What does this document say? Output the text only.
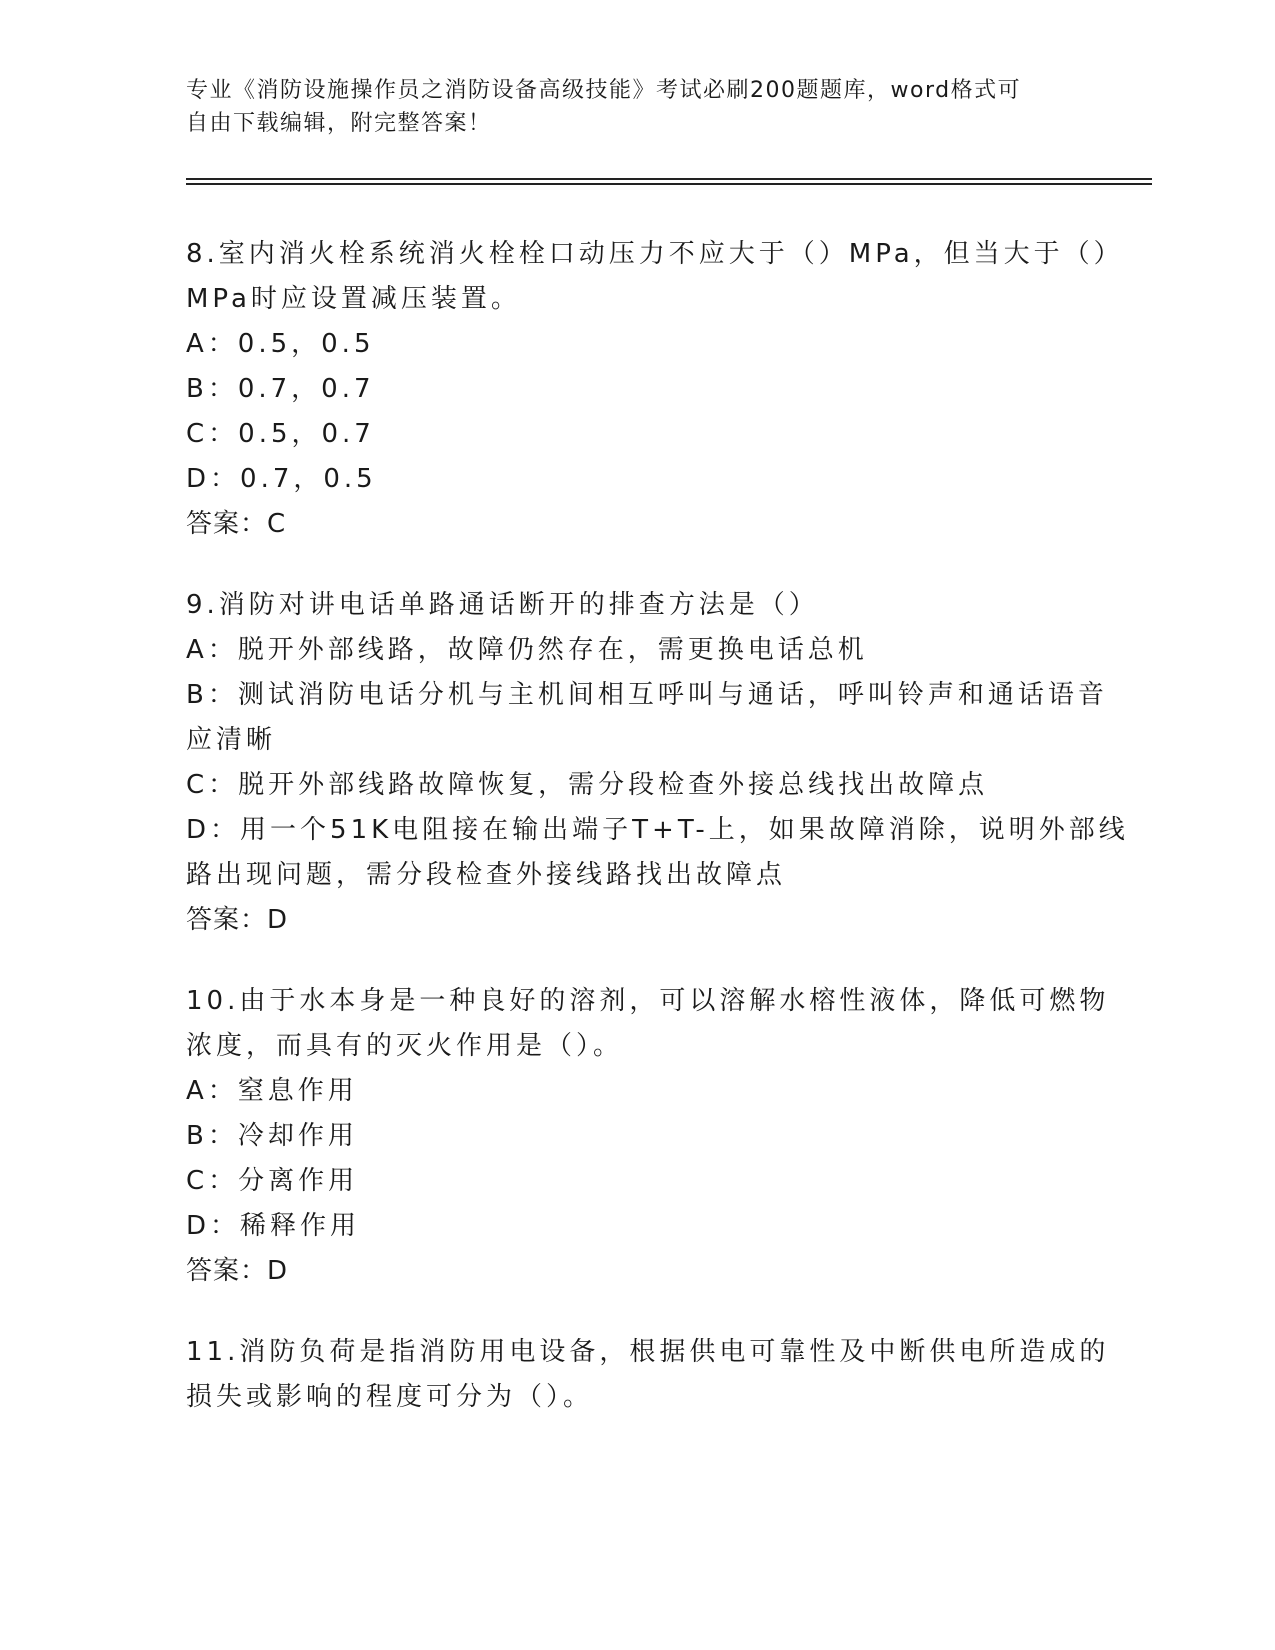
专业《消防设施操作员之消防设备高级技能》考试必刷200题题库，word格式可
自由下载编辑，附完整答案！
8.室内消火栓系统消火栓栓口动压力不应大于（）MPa，但当大于（）
MPa时应设置减压装置。
A：0.5，0.5
B：0.7，0.7
C：0.5，0.7
D：0.7，0.5
答案：C
9.消防对讲电话单路通话断开的排查方法是（）
A：脱开外部线路，故障仍然存在，需更换电话总机
B：测试消防电话分机与主机间相互呼叫与通话，呼叫铃声和通话语音
应清晰
C：脱开外部线路故障恢复，需分段检查外接总线找出故障点
D：用一个51K电阻接在输出端子T+T-上，如果故障消除，说明外部线
路出现问题，需分段检查外接线路找出故障点
答案：D
10.由于水本身是一种良好的溶剂，可以溶解水榕性液体，降低可燃物
浓度，而具有的灭火作用是（）。
A：窒息作用
B：冷却作用
C：分离作用
D：稀释作用
答案：D
11.消防负荷是指消防用电设备，根据供电可靠性及中断供电所造成的
损失或影响的程度可分为（）。
